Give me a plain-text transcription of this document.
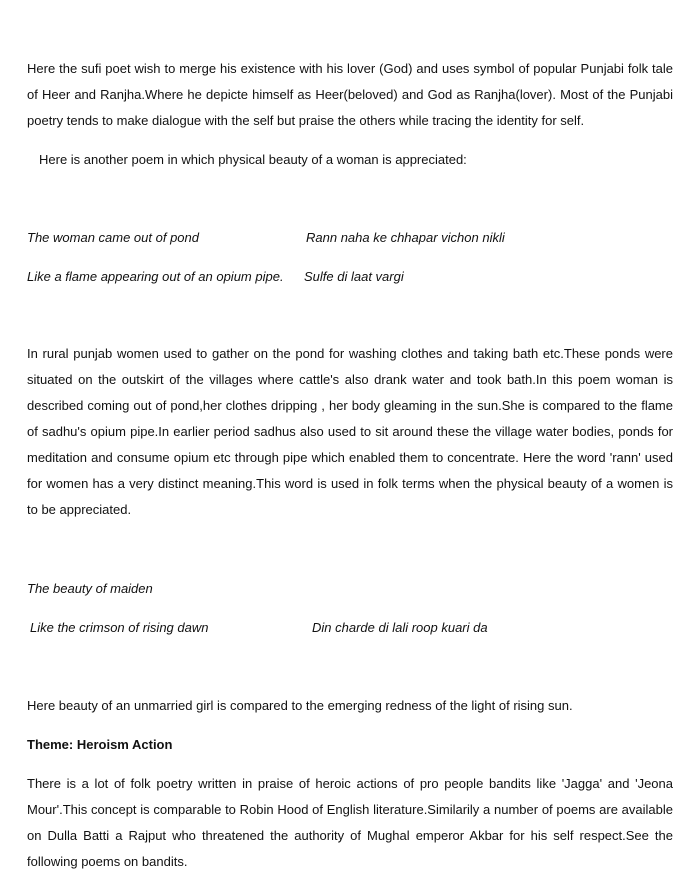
Here the sufi poet wish to merge his existence with his lover (God) and uses symbol of popular Punjabi folk tale of Heer and Ranjha.Where he depicte himself as Heer(beloved) and God as Ranjha(lover). Most of the Punjabi poetry tends to make dialogue with the self but praise the others while tracing the identity for self.

Here is another poem in which physical beauty of a woman is appreciated:

The woman came out of pond	Rann naha ke chhapar vichon nikli
Like a flame appearing out of an opium pipe. Sulfe di laat vargi

In rural punjab women used to gather on the pond for washing clothes and taking bath etc.These ponds were situated on the outskirt of the villages where cattle's also drank water and took bath.In this poem woman is described coming out of pond,her clothes dripping , her body gleaming in the sun.She is compared to the flame of sadhu's opium pipe.In earlier period sadhus also used to sit around these the village water bodies, ponds for meditation and consume opium etc through pipe which enabled them to concentrate. Here the word 'rann' used for women has a very distinct meaning.This word is used in folk terms when the physical beauty of a women is to be appreciated.

The beauty of maiden
Like the crimson of rising dawn	Din charde di lali roop kuari da

Here beauty of an unmarried girl is compared to the emerging redness of the light of rising sun.

Theme: Heroism Action

There is a lot of folk poetry written in praise of heroic actions of pro people bandits like 'Jagga' and 'Jeona Mour'.This concept is comparable to Robin Hood of English literature.Similarily a number of poems are available on Dulla Batti a Rajput who threatened the authority of Mughal emperor Akbar for his self respect.See the following poems on bandits.
